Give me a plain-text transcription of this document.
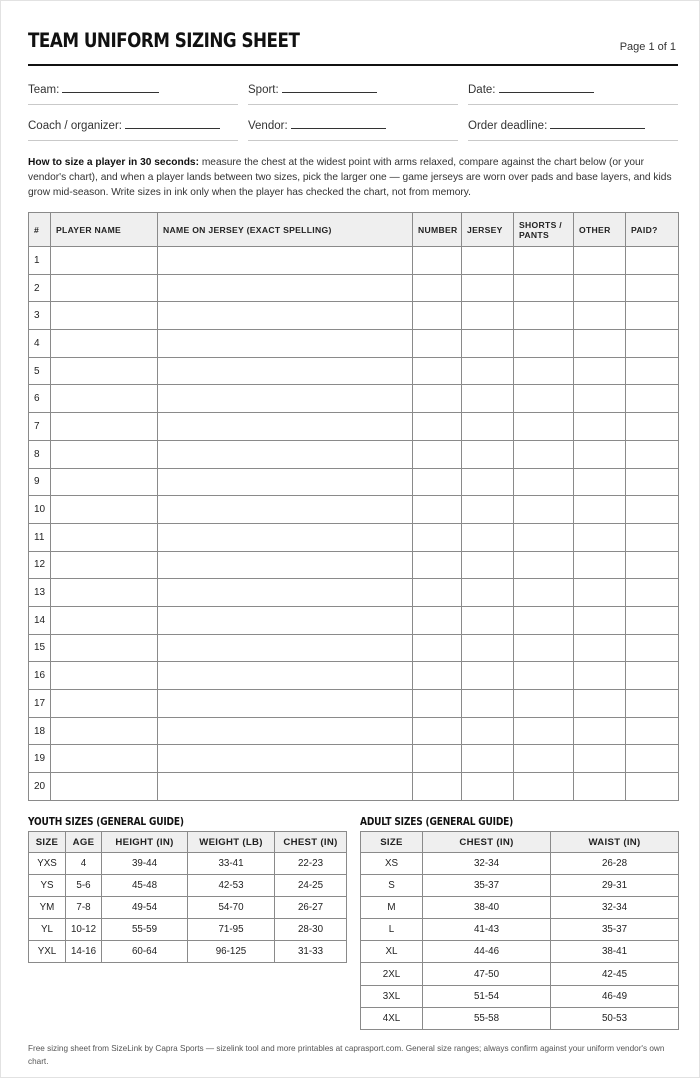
TEAM UNIFORM SIZING SHEET	Page 1 of 1
Team:	Sport:	Date:
Coach / organizer:	Vendor:	Order deadline:
How to size a player in 30 seconds: measure the chest at the widest point with arms relaxed, compare against the chart below (or your vendor's chart), and when a player lands between two sizes, pick the larger one — game jerseys are worn over pads and base layers, and kids grow mid-season. Write sizes in ink only when the player has checked the chart, not from memory.
#	PLAYER NAME	NAME ON JERSEY (EXACT SPELLING)	NUMBER	JERSEY	SHORTS / PANTS	OTHER	PAID?
1							
2							
3							
4							
5							
6							
7							
8							
9							
10							
11							
12							
13							
14							
15							
16							
17							
18							
19							
20							
YOUTH SIZES (GENERAL GUIDE)
SIZE	AGE	HEIGHT (IN)	WEIGHT (LB)	CHEST (IN)
YXS	4	39-44	33-41	22-23
YS	5-6	45-48	42-53	24-25
YM	7-8	49-54	54-70	26-27
YL	10-12	55-59	71-95	28-30
YXL	14-16	60-64	96-125	31-33
ADULT SIZES (GENERAL GUIDE)
SIZE	CHEST (IN)	WAIST (IN)
XS	32-34	26-28
S	35-37	29-31
M	38-40	32-34
L	41-43	35-37
XL	44-46	38-41
2XL	47-50	42-45
3XL	51-54	46-49
4XL	55-58	50-53
Free sizing sheet from SizeLink by Capra Sports — sizelink tool and more printables at caprasport.com. General size ranges; always confirm against your uniform vendor's own chart.
